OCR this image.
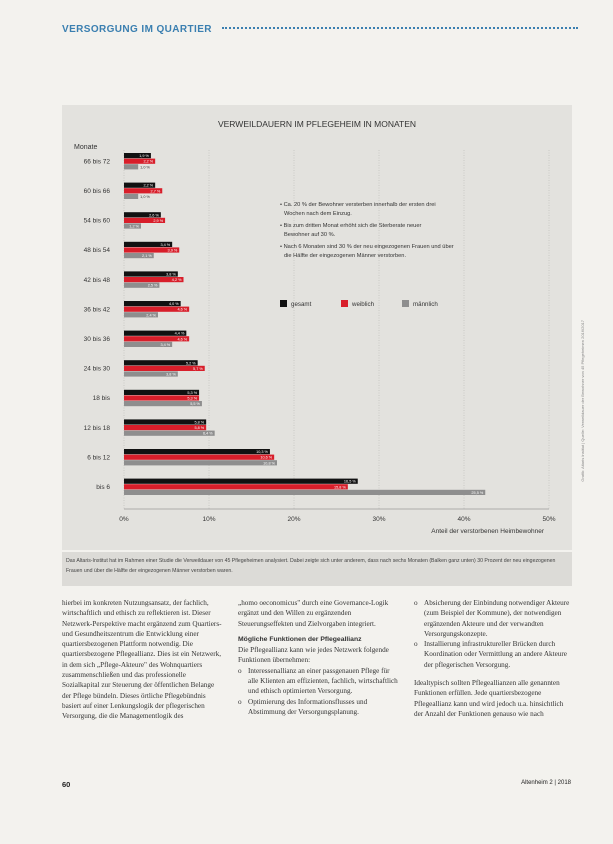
VERSORGUNG IM QUARTIER
VERWEILDAUERN IM PFLEGEHEIM IN MONATEN
Monate
0%	10%	20%	30%	40%	50%
Anteil der verstorbenen Heimbewohner
66 bis 72
1,9 %
2,2 %
1,0 %
60 bis 66
2,2 %
2,7 %
1,0 %
54 bis 60
2,6 %
2,9 %
1,2 %
48 bis 54
3,4 %
3,9 %
2,1 %
42 bis 48
3,8 %
4,2 %
2,5 %
36 bis 42
4,0 %
4,6 %
2,4 %
30 bis 36
4,4 %
4,6 %
3,4 %
24 bis 30
5,2 %
5,7 %
3,8 %
18 bis
5,3 %
5,3 %
5,5 %
12 bis 18
5,8 %
5,8 %
6,4 %
6 bis 12
10,3 %
10,6 %
10,8 %
bis 6
16,5 %
15,8 %
25,5 %
• Ca. 20 % der Bewohner versterben innerhalb der ersten drei Wochen nach dem Einzug.
• Bis zum dritten Monat erhöht sich die Sterberate neuer Bewohner auf 30 %.
• Nach 6 Monaten sind 30 % der neu eingezogenen Frauen und über die Hälfte der eingezogenen Männer verstorben.
gesamt	weiblich	männlich
Das Altaris-Institut hat im Rahmen einer Studie die Verweildauer von 45 Pflegeheimen analysiert. Dabei zeigte sich unter anderem, dass nach sechs Monaten (Balken ganz unten) 30 Prozent der neu eingezogenen Frauen und über die Hälfte der eingezogenen Männer verstorben waren.
Grafik: Altaris Institut | Quelle: Verweildauer der Bewohner von 45 Pflegeheimen 2016/2017

hierbei im konkreten Nutzungsansatz, der fachlich, wirtschaftlich und ethisch zu reflektieren ist. Dieser Netzwerk-Perspektive macht ergänzend zum Quartiers- und Gesundheitszentrum die Entwicklung einer quartiersbezogenen Plattform notwendig. Die quartiersbezogene Pflegeallianz. Dies ist ein Netzwerk, in dem sich „Pflege-Akteure" des Wohnquartiers zusammenschließen und das professionelle Sozialkapital zur Steuerung der öffentlichen Belange der Pflege bündeln. Dieses örtliche Pflegebündnis basiert auf einer Lenkungslogik der pflegerischen Versorgung, die die Managementlogik des

„homo oeconomicus" durch eine Governance-Logik ergänzt und den Willen zu ergänzenden Steuerungseffekten und Zielvorgaben integriert.

Mögliche Funktionen der Pflegeallianz

Die Pflegeallianz kann wie jedes Netzwerk folgende Funktionen übernehmen:

o Interessenallianz an einer passgenauen Pflege für alle Klienten am effizienten, fachlich, wirtschaftlich und ethisch optimierten Versorgung.

o Optimierung des Informationsflusses und Abstimmung der Versorgungsplanung.

o Absicherung der Einbindung notwendiger Akteure (zum Beispiel der Kommune), der notwendigen ergänzenden Akteure und der verwandten Versorgungskonzepte.

o Installierung infrastruktureller Brücken durch Koordination oder Vermittlung an andere Akteure der pflegerischen Versorgung.

Idealtypisch sollten Pflegeallianzen alle genannten Funktionen erfüllen. Jede quartiersbezogene Pflegeallianz kann und wird jedoch u.a. hinsichtlich der Anzahl der Funktionen genauso wie nach

60	Altenheim 2 | 2018
